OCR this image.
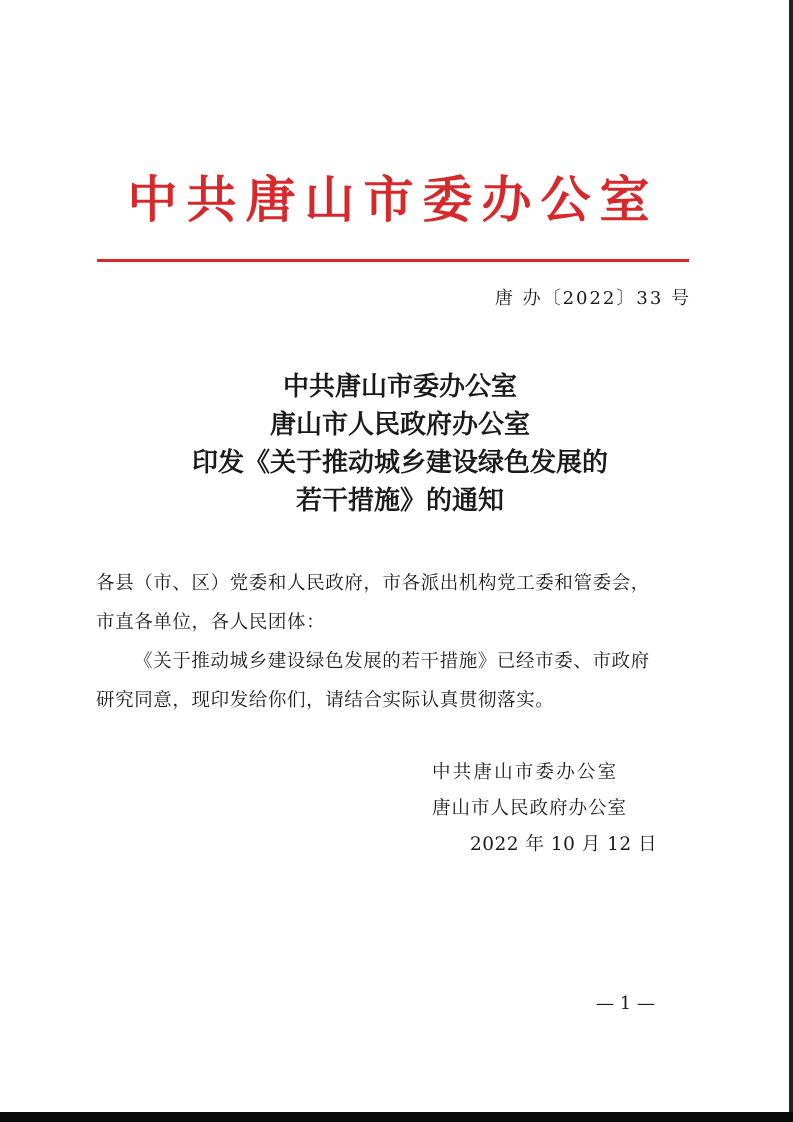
中共唐山市委办公室
唐 办〔2022〕33 号
中共唐山市委办公室
唐山市人民政府办公室
印发《关于推动城乡建设绿色发展的
若干措施》的通知

各县（市、区）党委和人民政府，市各派出机构党工委和管委会，

市直各单位，各人民团体：

《关于推动城乡建设绿色发展的若干措施》已经市委、市政府

研究同意，现印发给你们，请结合实际认真贯彻落实。

中共唐山市委办公室
唐山市人民政府办公室
2022 年 10 月 12 日
— 1 —
